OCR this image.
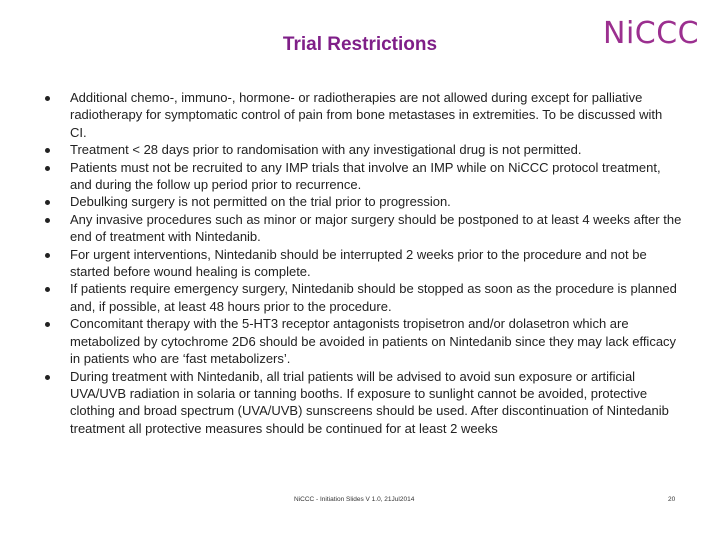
Trial Restrictions	NiCCC
Additional chemo-, immuno-, hormone- or radiotherapies are not allowed during except for palliative radiotherapy for symptomatic control of pain from bone metastases in extremities. To be discussed with CI.
Treatment < 28 days prior to randomisation with any investigational drug is not permitted.
Patients must not be recruited to any IMP trials that involve an IMP while on NiCCC protocol treatment, and during the follow up period prior to recurrence.
Debulking surgery is not permitted on the trial prior to progression.
Any invasive procedures such as minor or major surgery should be postponed to at least 4 weeks after the end of treatment with Nintedanib.
For urgent interventions, Nintedanib should be interrupted 2 weeks prior to the procedure and not be started before wound healing is complete.
If patients require emergency surgery, Nintedanib should be stopped as soon as the procedure is planned and, if possible, at least 48 hours prior to the procedure.
Concomitant therapy with the 5-HT3 receptor antagonists tropisetron and/or dolasetron which are metabolized by cytochrome 2D6 should be avoided in patients on Nintedanib since they may lack efficacy in patients who are ‘fast metabolizers’.
During treatment with Nintedanib, all trial patients will be advised to avoid sun exposure or artificial UVA/UVB radiation in solaria or tanning booths. If exposure to sunlight cannot be avoided, protective clothing and broad spectrum (UVA/UVB) sunscreens should be used. After discontinuation of Nintedanib treatment all protective measures should be continued for at least 2 weeks
NiCCC - Initiation Slides V 1.0, 21Jul2014	20
